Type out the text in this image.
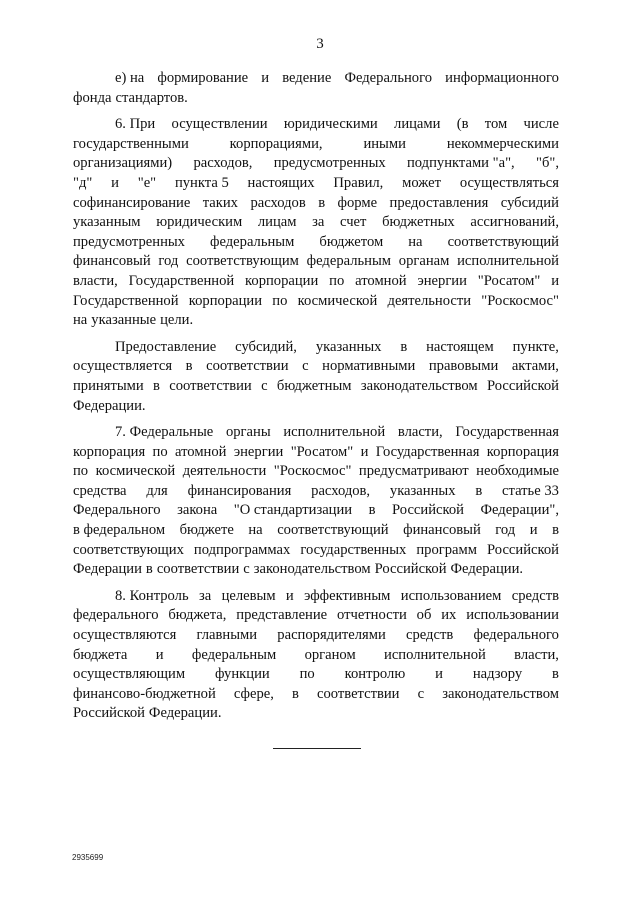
3
е) на формирование и ведение Федерального информационного
фонда стандартов.
6. При осуществлении юридическими лицами (в том числе
государственными	корпорациями,	иными	некоммерческими
организациями) расходов, предусмотренных подпунктами "а", "б",
"д" и "е" пункта 5 настоящих Правил, может осуществляться
софинансирование таких расходов в форме предоставления субсидий
указанным юридическим лицам за счет бюджетных ассигнований,
предусмотренных федеральным бюджетом на соответствующий
финансовый год соответствующим федеральным органам исполнительной
власти, Государственной корпорации по атомной энергии "Росатом" и
Государственной корпорации по космической деятельности "Роскосмос"
на указанные цели.
Предоставление субсидий, указанных в настоящем пункте,
осуществляется в соответствии с нормативными правовыми актами,
принятыми в соответствии с бюджетным законодательством Российской
Федерации.
7. Федеральные органы исполнительной власти, Государственная
корпорация по атомной энергии "Росатом" и Государственная корпорация
по космической деятельности "Роскосмос" предусматривают необходимые
средства для финансирования расходов, указанных в статье 33
Федерального закона "О стандартизации в Российской Федерации",
в федеральном бюджете на соответствующий финансовый год и в
соответствующих подпрограммах государственных программ Российской
Федерации в соответствии с законодательством Российской Федерации.
8. Контроль за целевым и эффективным использованием средств
федерального бюджета, представление отчетности об их использовании
осуществляются главными распорядителями средств федерального
бюджета и федеральным органом исполнительной власти,
осуществляющим функции по контролю и надзору в
финансово-бюджетной сфере, в соответствии с законодательством
Российской Федерации.
2935699
